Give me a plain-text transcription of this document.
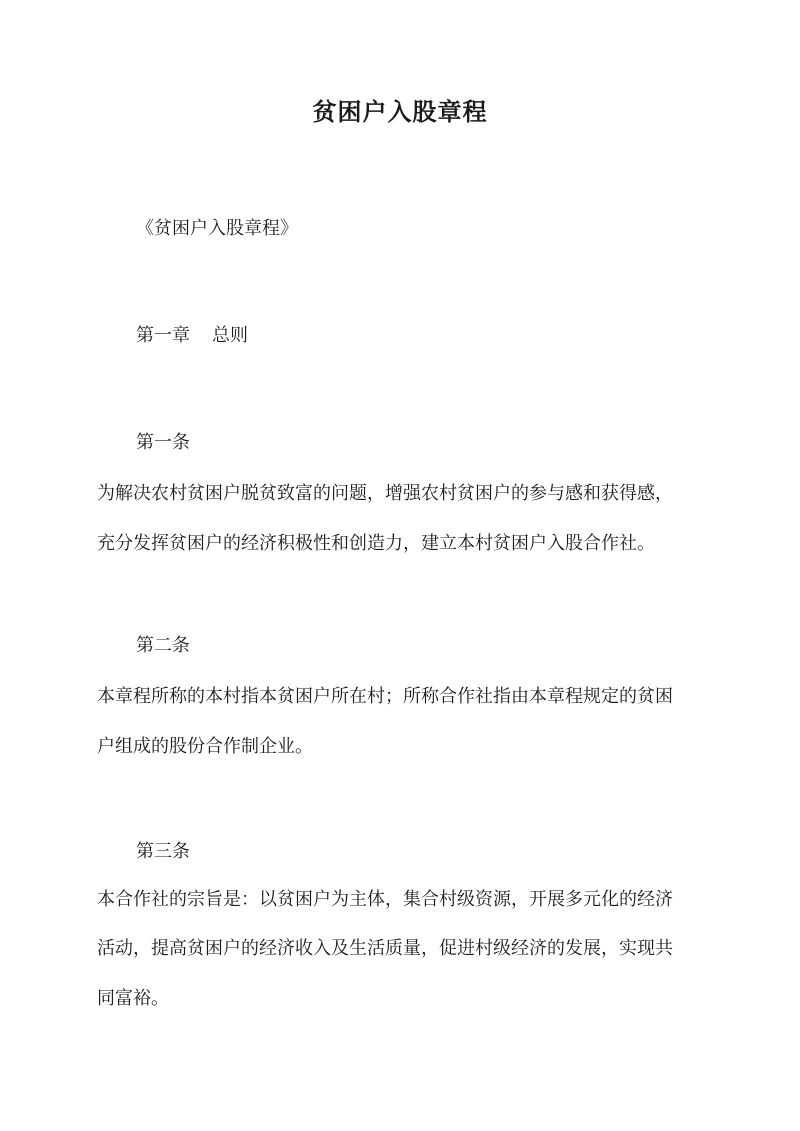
贫困户入股章程
《贫困户入股章程》
第一章 总则
第一条
为解决农村贫困户脱贫致富的问题，增强农村贫困户的参与感和获得感，
充分发挥贫困户的经济积极性和创造力，建立本村贫困户入股合作社。
第二条
本章程所称的本村指本贫困户所在村；所称合作社指由本章程规定的贫困
户组成的股份合作制企业。
第三条
本合作社的宗旨是：以贫困户为主体，集合村级资源，开展多元化的经济
活动，提高贫困户的经济收入及生活质量，促进村级经济的发展，实现共
同富裕。
